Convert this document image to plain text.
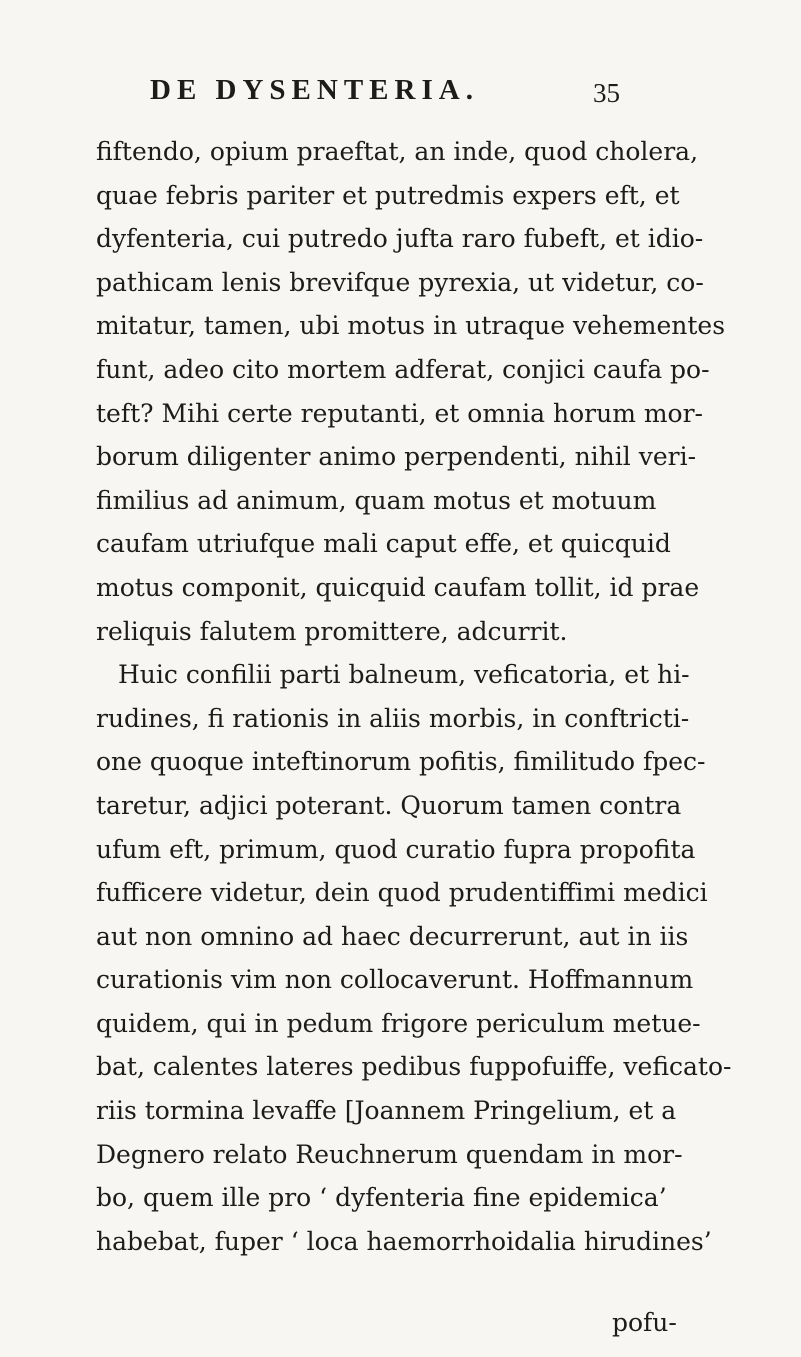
DE DYSENTERIA.	35
fiftendo, opium praeftat, an inde, quod cholera,
quae febris pariter et putredmis expers eft, et
dyfenteria, cui putredo jufta raro fubeft, et idio-
pathicam lenis brevifque pyrexia, ut videtur, co-
mitatur, tamen, ubi motus in utraque vehementes
funt, adeo cito mortem adferat, conjici caufa po-
teft? Mihi certe reputanti, et omnia horum mor-
borum diligenter animo perpendenti, nihil veri-
fimilius ad animum, quam motus et motuum
caufam utriufque mali caput effe, et quicquid
motus componit, quicquid caufam tollit, id prae
reliquis falutem promittere, adcurrit.
Huic confilii parti balneum, veficatoria, et hi-
rudines, fi rationis in aliis morbis, in conftricti-
one quoque inteftinorum pofitis, fimilitudo fpec-
taretur, adjici poterant. Quorum tamen contra
ufum eft, primum, quod curatio fupra propofita
fufficere videtur, dein quod prudentiffimi medici
aut non omnino ad haec decurrerunt, aut in iis
curationis vim non collocaverunt. Hoffmannum
quidem, qui in pedum frigore periculum metue-
bat, calentes lateres pedibus fuppofuiffe, veficato-
riis tormina levaffe [Joannem Pringelium, et a
Degnero relato Reuchnerum quendam in mor-
bo, quem ille pro ‘ dyfenteria fine epidemica’
habebat, fuper ‘ loca haemorrhoidalia hirudines’
pofu-
